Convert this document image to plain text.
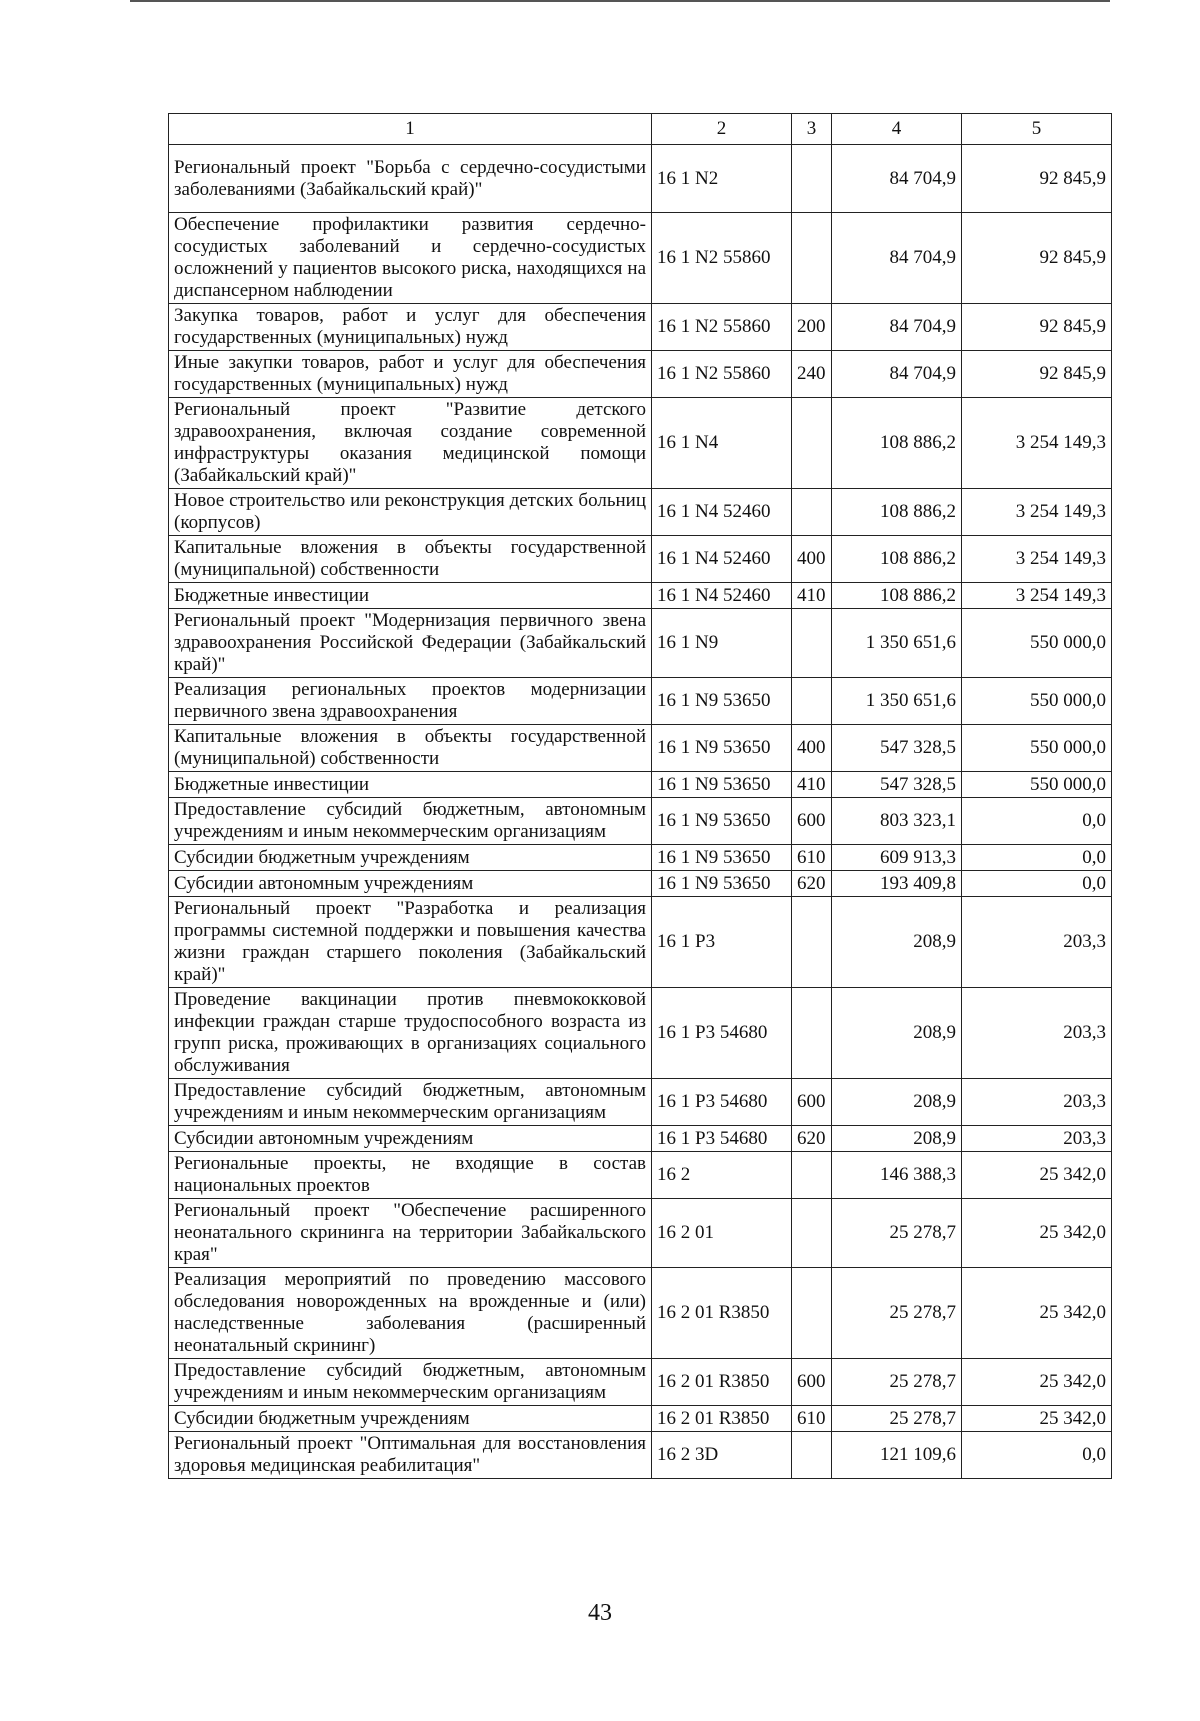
1	2	3	4	5
Региональный проект "Борьба с сердечно-сосудистыми заболеваниями (Забайкальский край)"	16 1 N2		84 704,9	92 845,9
Обеспечение профилактики развития сердечно-сосудистых заболеваний и сердечно-сосудистых осложнений у пациентов высокого риска, находящихся на диспансерном наблюдении	16 1 N2 55860		84 704,9	92 845,9
Закупка товаров, работ и услуг для обеспечения государственных (муниципальных) нужд	16 1 N2 55860	200	84 704,9	92 845,9
Иные закупки товаров, работ и услуг для обеспечения государственных (муниципальных) нужд	16 1 N2 55860	240	84 704,9	92 845,9
Региональный проект "Развитие детского здравоохранения, включая создание современной инфраструктуры оказания медицинской помощи (Забайкальский край)"	16 1 N4		108 886,2	3 254 149,3
Новое строительство или реконструкция детских больниц (корпусов)	16 1 N4 52460		108 886,2	3 254 149,3
Капитальные вложения в объекты государственной (муниципальной) собственности	16 1 N4 52460	400	108 886,2	3 254 149,3
Бюджетные инвестиции	16 1 N4 52460	410	108 886,2	3 254 149,3
Региональный проект "Модернизация первичного звена здравоохранения Российской Федерации (Забайкальский край)"	16 1 N9		1 350 651,6	550 000,0
Реализация региональных проектов модернизации первичного звена здравоохранения	16 1 N9 53650		1 350 651,6	550 000,0
Капитальные вложения в объекты государственной (муниципальной) собственности	16 1 N9 53650	400	547 328,5	550 000,0
Бюджетные инвестиции	16 1 N9 53650	410	547 328,5	550 000,0
Предоставление субсидий бюджетным, автономным учреждениям и иным некоммерческим организациям	16 1 N9 53650	600	803 323,1	0,0
Субсидии бюджетным учреждениям	16 1 N9 53650	610	609 913,3	0,0
Субсидии автономным учреждениям	16 1 N9 53650	620	193 409,8	0,0
Региональный проект "Разработка и реализация программы системной поддержки и повышения качества жизни граждан старшего поколения (Забайкальский край)"	16 1 P3		208,9	203,3
Проведение вакцинации против пневмококковой инфекции граждан старше трудоспособного возраста из групп риска, проживающих в организациях социального обслуживания	16 1 P3 54680		208,9	203,3
Предоставление субсидий бюджетным, автономным учреждениям и иным некоммерческим организациям	16 1 P3 54680	600	208,9	203,3
Субсидии автономным учреждениям	16 1 P3 54680	620	208,9	203,3
Региональные проекты, не входящие в состав национальных проектов	16 2		146 388,3	25 342,0
Региональный проект "Обеспечение расширенного неонатального скрининга на территории Забайкальского края"	16 2 01		25 278,7	25 342,0
Реализация мероприятий по проведению массового обследования новорожденных на врожденные и (или) наследственные заболевания (расширенный неонатальный скрининг)	16 2 01 R3850		25 278,7	25 342,0
Предоставление субсидий бюджетным, автономным учреждениям и иным некоммерческим организациям	16 2 01 R3850	600	25 278,7	25 342,0
Субсидии бюджетным учреждениям	16 2 01 R3850	610	25 278,7	25 342,0
Региональный проект "Оптимальная для восстановления здоровья медицинская реабилитация"	16 2 3D		121 109,6	0,0
43
